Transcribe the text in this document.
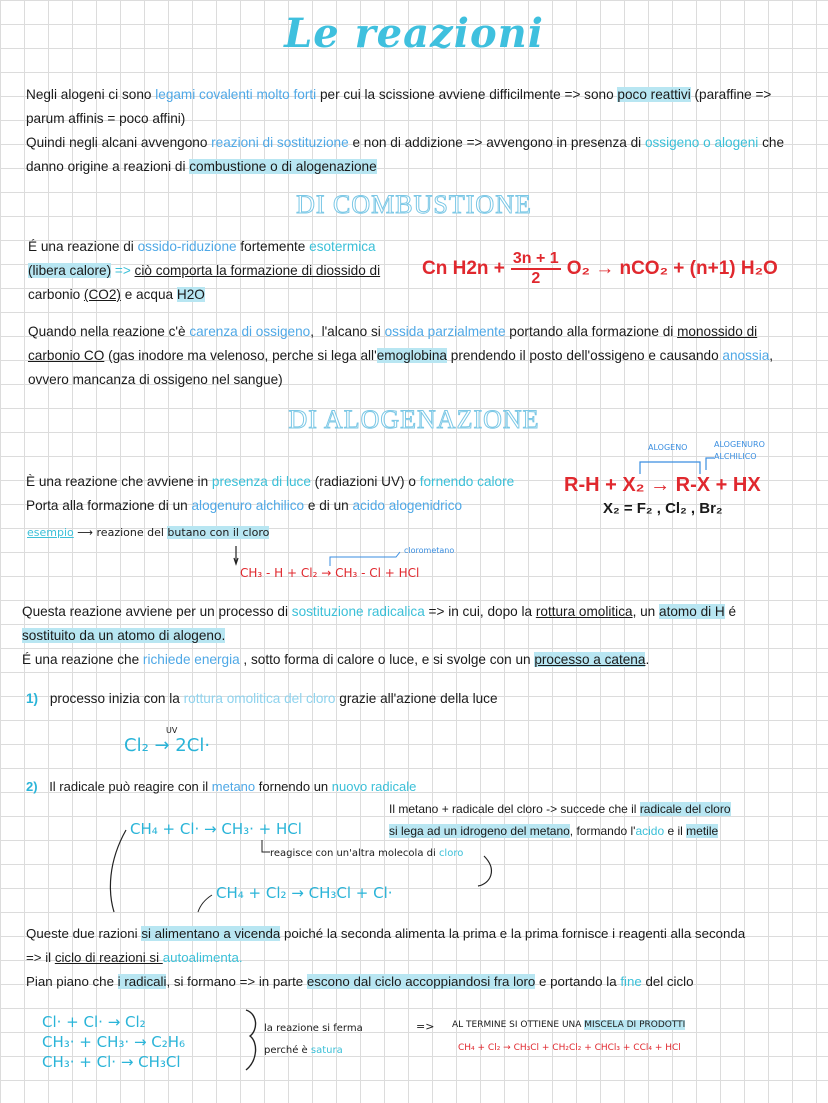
Le reazioni
Negli alogeni ci sono legami covalenti molto forti per cui la scissione avviene difficilmente => sono poco reattivi (paraffine =>
parum affinis = poco affini)
Quindi negli alcani avvengono reazioni di sostituzione e non di addizione => avvengono in presenza di ossigeno o alogeni che
danno origine a reazioni di combustione o di alogenazione
DI COMBUSTIONE
É una reazione di ossido-riduzione fortemente esotermica
(libera calore) => ciò comporta la formazione di diossido di
carbonio (CO2) e acqua H2O
Cn $H2n + \frac{3n + 1}{2} O_2 \to nCO_2 + (n+1)$ H₂O
Quando nella reazione c'è carenza di ossigeno,  l'alcano si ossida parzialmente portando alla formazione di monossido di
carbonio CO (gas inodore ma velenoso, perche si lega all'emoglobina prendendo il posto dell'ossigeno e causando anossia,
ovvero mancanza di ossigeno nel sangue)
DI ALOGENAZIONE
ALOGENO	ALOGENURO
ALCHILICO
R-H + X₂ → R-X + HX
X₂ = F₂ , Cl₂ , Br₂
È una reazione che avviene in presenza di luce (radiazioni UV) o fornendo calore
Porta alla formazione di un alogenuro alchilico e di un acido alogenidrico
esempio ⟶ reazione del butano con il cloro
clorometano
CH₃ - H + Cl₂ → CH₃ - Cl + HCl
Questa reazione avviene per un processo di sostituzione radicalica => in cui, dopo la rottura omolitica, un atomo di H é
sostituito da un atomo di alogeno.
É una reazione che richiede energia , sotto forma di calore o luce, e si svolge con un processo a catena.
1) processo inizia con la rottura omolitica del cloro grazie all'azione della luce
UV
Cl₂ → 2Cl·
2) Il radicale può reagire con il metano fornendo un nuovo radicale
CH₄ + Cl· → CH₃· + HCl
reagisce con un'altra molecola di cloro
CH₄ + Cl₂ → CH₃Cl + Cl·
Il metano + radicale del cloro -> succede che il radicale del cloro
si lega ad un idrogeno del metano, formando l'acido e il metile
Queste due razioni si alimentano a vicenda poiché la seconda alimenta la prima e la prima fornisce i reagenti alla seconda
=> il ciclo di reazioni si autoalimenta.
Pian piano che i radicali, si formano => in parte escono dal ciclo accoppiandosi fra loro e portando la fine del ciclo
Cl· + Cl· → Cl₂
CH₃· + CH₃· → C₂H₆
CH₃· + Cl· → CH₃Cl
la reazione si ferma
perché è satura
=> AL TERMINE SI OTTIENE UNA MISCELA DI PRODOTTI
CH₄ + Cl₂ → CH₃Cl + CH₂Cl₂ + CHCl₃ + CCl₄ + HCl
